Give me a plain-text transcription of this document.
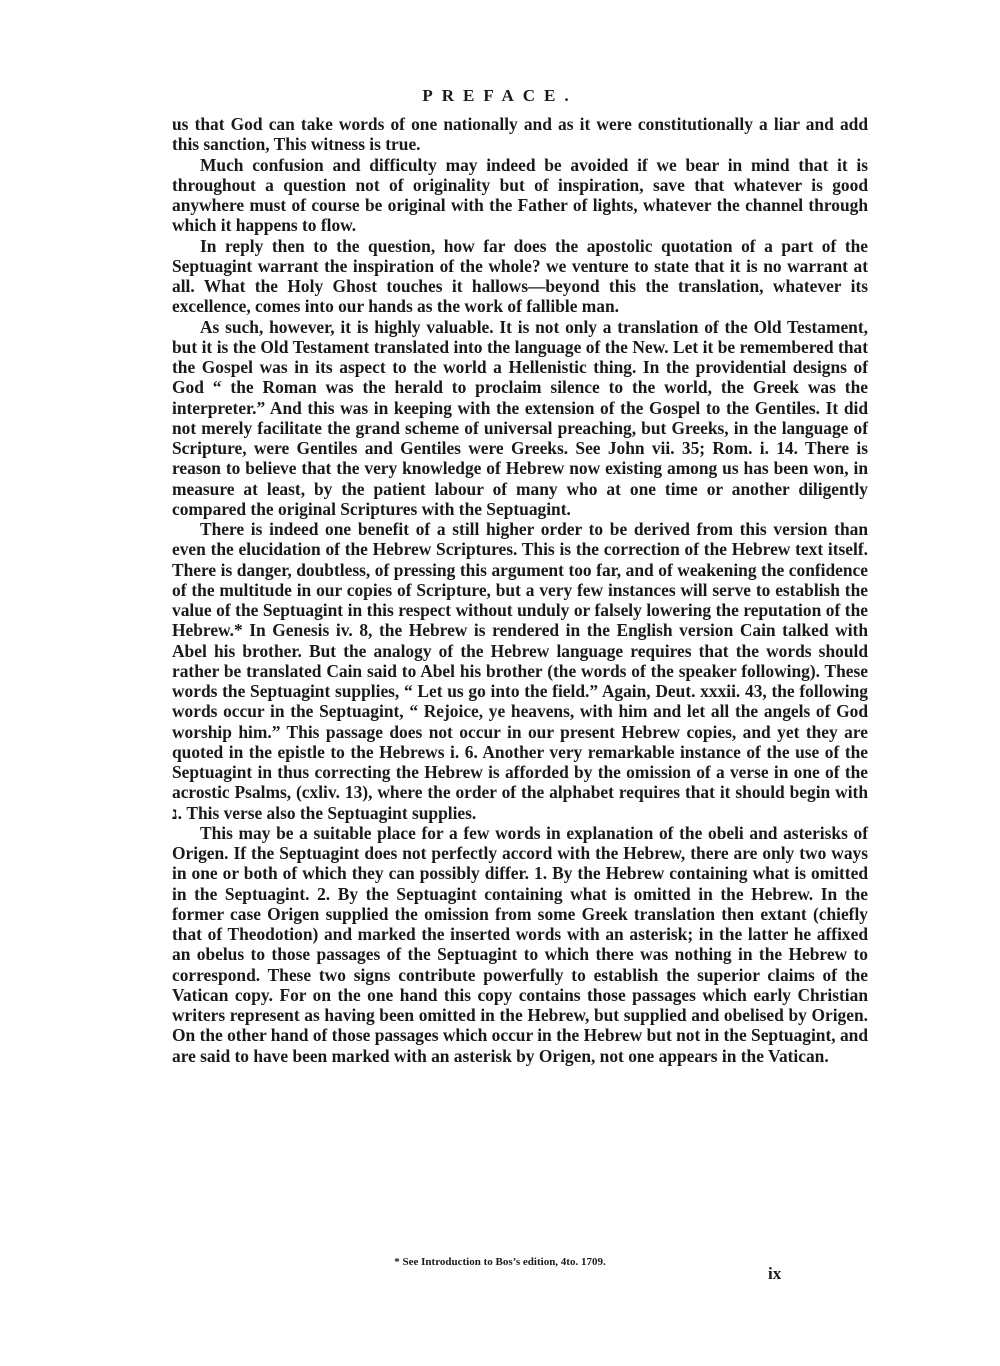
PREFACE.

us that God can take words of one nationally and as it were constitutionally a liar and add this sanction, This witness is true.

Much confusion and difficulty may indeed be avoided if we bear in mind that it is throughout a question not of originality but of inspiration, save that whatever is good anywhere must of course be original with the Father of lights, whatever the channel through which it happens to flow.

In reply then to the question, how far does the apostolic quotation of a part of the Septuagint warrant the inspiration of the whole? we venture to state that it is no warrant at all. What the Holy Ghost touches it hallows—beyond this the translation, whatever its excellence, comes into our hands as the work of fallible man.

As such, however, it is highly valuable. It is not only a translation of the Old Testament, but it is the Old Testament translated into the language of the New. Let it be remembered that the Gospel was in its aspect to the world a Hellenistic thing. In the providential designs of God “ the Roman was the herald to proclaim silence to the world, the Greek was the interpreter.” And this was in keeping with the extension of the Gospel to the Gentiles. It did not merely facilitate the grand scheme of universal preaching, but Greeks, in the language of Scripture, were Gentiles and Gentiles were Greeks. See John vii. 35; Rom. i. 14. There is reason to believe that the very knowledge of Hebrew now existing among us has been won, in measure at least, by the patient labour of many who at one time or another diligently compared the original Scriptures with the Septuagint.

There is indeed one benefit of a still higher order to be derived from this version than even the elucidation of the Hebrew Scriptures. This is the correction of the Hebrew text itself. There is danger, doubtless, of pressing this argument too far, and of weakening the confidence of the multitude in our copies of Scripture, but a very few instances will serve to establish the value of the Septuagint in this respect without unduly or falsely lowering the reputation of the Hebrew.* In Genesis iv. 8, the Hebrew is rendered in the English version Cain talked with Abel his brother. But the analogy of the Hebrew language requires that the words should rather be translated Cain said to Abel his brother (the words of the speaker following). These words the Septuagint supplies, “ Let us go into the field.” Again, Deut. xxxii. 43, the following words occur in the Septuagint, “ Rejoice, ye heavens, with him and let all the angels of God worship him.” This passage does not occur in our present Hebrew copies, and yet they are quoted in the epistle to the Hebrews i. 6. Another very remarkable instance of the use of the Septuagint in thus correcting the Hebrew is afforded by the omission of a verse in one of the acrostic Psalms, (cxliv. 13), where the order of the alphabet requires that it should begin with נ. This verse also the Septuagint supplies.

This may be a suitable place for a few words in explanation of the obeli and asterisks of Origen. If the Septuagint does not perfectly accord with the Hebrew, there are only two ways in one or both of which they can possibly differ. 1. By the Hebrew containing what is omitted in the Septuagint. 2. By the Septuagint containing what is omitted in the Hebrew. In the former case Origen supplied the omission from some Greek translation then extant (chiefly that of Theodotion) and marked the inserted words with an asterisk; in the latter he affixed an obelus to those passages of the Septuagint to which there was nothing in the Hebrew to correspond. These two signs contribute powerfully to establish the superior claims of the Vatican copy. For on the one hand this copy contains those passages which early Christian writers represent as having been omitted in the Hebrew, but supplied and obelised by Origen. On the other hand of those passages which occur in the Hebrew but not in the Septuagint, and are said to have been marked with an asterisk by Origen, not one appears in the Vatican.

* See Introduction to Bos’s edition, 4to. 1709.
ix
